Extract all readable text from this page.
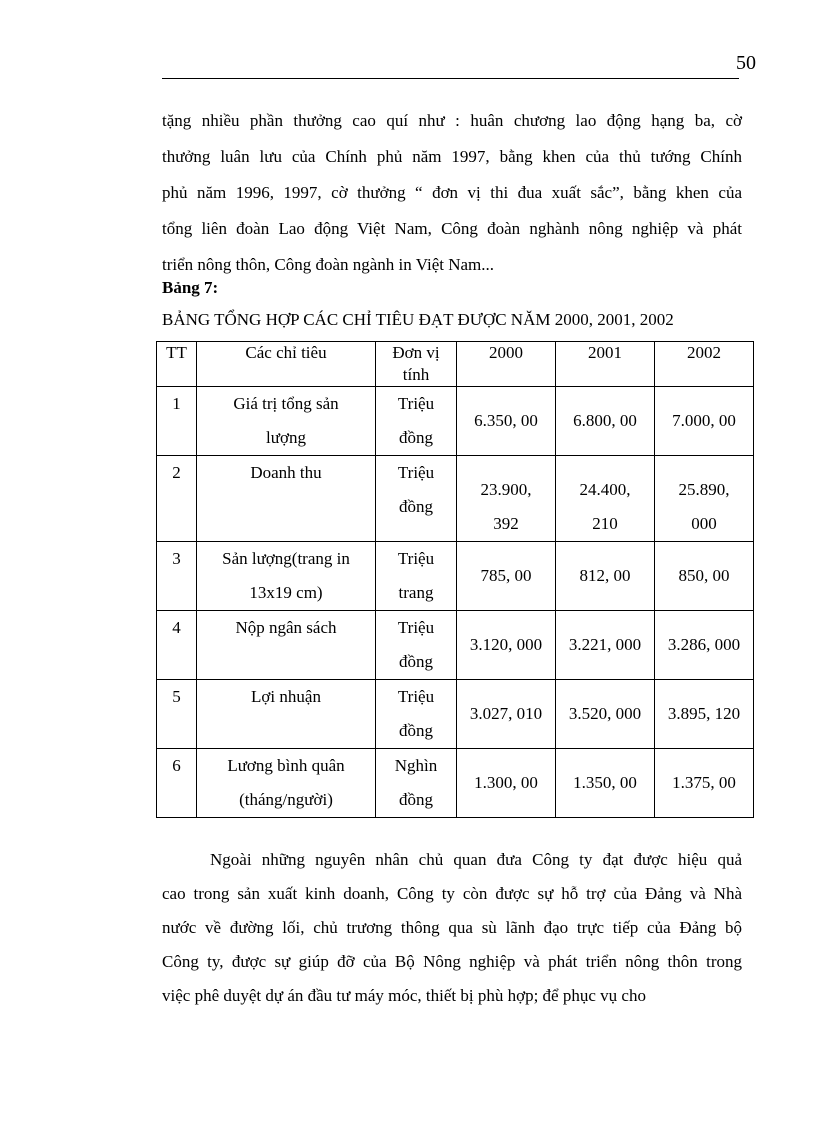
50
tặng nhiều phần thưởng cao quí như : huân chương lao động hạng ba, cờ
thưởng luân lưu của Chính phủ năm 1997, bằng khen của thủ tướng Chính
phủ năm 1996, 1997, cờ thưởng “ đơn vị thi đua xuất sắc”, bằng khen của
tổng liên đoàn Lao động Việt Nam, Công đoàn nghành nông nghiệp và phát
triển nông thôn, Công đoàn ngành in Việt Nam...
Bảng 7:
BẢNG TỔNG HỢP CÁC CHỈ TIÊU ĐẠT ĐƯỢC NĂM 2000, 2001, 2002
TT	Các chỉ tiêu	Đơn vị
tính	2000	2001	2002
1	Giá trị tổng sản
lượng	Triệu
đồng	6.350, 00	6.800, 00	7.000, 00
2	Doanh thu	Triệu
đồng	23.900,
392	24.400,
210	25.890,
000

3	Sản lượng(trang in
13x19 cm)	Triệu
trang	785, 00	812, 00	850, 00
4	Nộp ngân sách	Triệu
đồng	3.120, 000	3.221, 000	3.286, 000
5	Lợi nhuận	Triệu
đồng	3.027, 010	3.520, 000	3.895, 120
6	Lương bình quân
(tháng/người)	Nghìn
đồng	1.300, 00	1.350, 00	1.375, 00
Ngoài những nguyên nhân chủ quan đưa Công ty đạt được hiệu quả
cao trong sản xuất kinh doanh, Công ty còn được sự hỗ trợ của Đảng và Nhà
nước về đường lối, chủ trương thông qua sù lãnh đạo trực tiếp của Đảng bộ
Công ty, được sự giúp đỡ của Bộ Nông nghiệp và phát triển nông thôn trong
việc phê duyệt dự án đầu tư máy móc, thiết bị phù hợp; để phục vụ cho
